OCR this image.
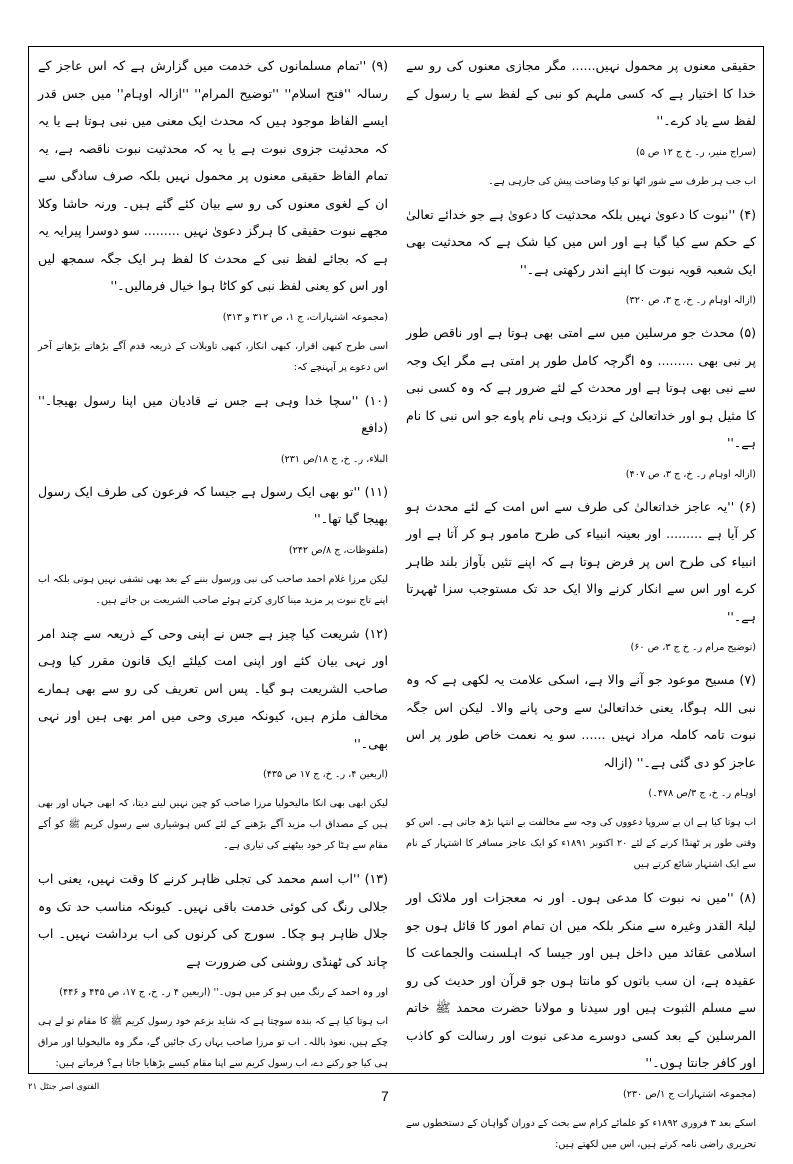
حقیقی معنوں پر محمول نہیں...... مگر مجازی معنوں کی رو سے خدا کا اختیار ہے کہ کسی ملہم کو نبی کے لفظ سے یا رسول کے لفظ سے یاد کرے۔''

(سراج منیر، ر۔ خ ج ۱۲ ص ۵)

اب جب ہر طرف سے شور اٹھا تو کیا وضاحت پیش کی جارہی ہے۔

(۴) ''نبوت کا دعویٰ نہیں بلکہ محدثیت کا دعویٰ ہے جو خدائے تعالیٰ کے حکم سے کیا گیا ہے اور اس میں کیا شک ہے کہ محدثیت بھی ایک شعبہ قویہ نبوت کا اپنے اندر رکھتی ہے۔''

(ازالہ اوہام ر۔ خ، ج ۳، ص ۳۲۰)

(۵) محدث جو مرسلین میں سے امتی بھی ہوتا ہے اور ناقص طور پر نبی بھی ......... وہ اگرچہ کامل طور پر امتی ہے مگر ایک وجہ سے نبی بھی ہوتا ہے اور محدث کے لئے ضرور ہے کہ وہ کسی نبی کا مثیل ہو اور خداتعالیٰ کے نزدیک وہی نام پاوے جو اس نبی کا نام ہے۔''

(ازالہ اوہام ر۔ خ، ج ۳، ص ۴۰۷)

(۶) ''یہ عاجز خداتعالیٰ کی طرف سے اس امت کے لئے محدث ہو کر آیا ہے ......... اور بعینہ انبیاء کی طرح مامور ہو کر آتا ہے اور انبیاء کی طرح اس پر فرض ہوتا ہے کہ اپنے تئیں بآواز بلند ظاہر کرے اور اس سے انکار کرنے والا ایک حد تک مستوجب سزا ٹھہرتا ہے۔''

(توضیح مرام ر۔ خ ج ۳، ص ۶۰)

(۷) مسیح موعود جو آنے والا ہے، اسکی علامت یہ لکھی ہے کہ وہ نبی اللہ ہوگا، یعنی خداتعالیٰ سے وحی پانے والا۔ لیکن اس جگہ نبوت تامہ کاملہ مراد نہیں ...... سو یہ نعمت خاص طور پر اس عاجز کو دی گئی ہے۔'' (ازالہ

اوہام ر۔ خ، ج ۳/ص ۴۷۸۔)

اب ہوتا کیا ہے ان بے سروپا دعووں کی وجہ سے مخالفت بے انتہا بڑھ جاتی ہے۔ اس کو وقتی طور پر ٹھنڈا کرنے کے لئے ۲۰ اکتوبر ۱۸۹۱ء کو ایک عاجز مسافر کا اشتہار کے نام سے ایک اشتہار شائع کرتے ہیں

(۸) ''میں نہ نبوت کا مدعی ہوں۔ اور نہ معجزات اور ملائک اور لیلۃ القدر وغیرہ سے منکر بلکہ میں ان تمام امور کا قائل ہوں جو اسلامی عقائد میں داخل ہیں اور جیسا کہ اہلسنت والجماعت کا عقیدہ ہے، ان سب باتوں کو مانتا ہوں جو قرآن اور حدیث کی رو سے مسلم الثبوت ہیں اور سیدنا و مولانا حضرت محمد ﷺ خاتم المرسلین کے بعد کسی دوسرے مدعی نبوت اور رسالت کو کاذب اور کافر جانتا ہوں۔''

(مجموعہ اشتہارات ج ۱/ص ۲۳۰)

اسکے بعد ۳ فروری ۱۸۹۲ء کو علمائے کرام سے بحث کے دوران گواہان کے دستخطوں سے تحریری راضی نامہ کرتے ہیں، اس میں لکھتے ہیں:

(۹) ''تمام مسلمانوں کی خدمت میں گزارش ہے کہ اس عاجز کے رسالہ ''فتح اسلام'' ''توضیح المرام'' ''ازالہ اوہام'' میں جس قدر ایسے الفاظ موجود ہیں کہ محدث ایک معنی میں نبی ہوتا ہے یا یہ کہ محدثیت جزوی نبوت ہے یا یہ کہ محدثیت نبوت ناقصہ ہے، یہ تمام الفاظ حقیقی معنوں پر محمول نہیں بلکہ صرف سادگی سے ان کے لغوی معنوں کی رو سے بیان کئے گئے ہیں۔ ورنہ حاشا وکلا مجھے نبوت حقیقی کا ہرگز دعویٰ نہیں ......... سو دوسرا پیرایہ یہ ہے کہ بجائے لفظ نبی کے محدث کا لفظ ہر ایک جگہ سمجھ لیں اور اس کو یعنی لفظ نبی کو کاٹا ہوا خیال فرمالیں۔''

(مجموعہ اشتہارات، ج ۱، ص ۳۱۲ و ۳۱۳)

اسی طرح کبھی اقرار، کبھی انکار، کبھی تاویلات کے ذریعہ قدم آگے بڑھاتے بڑھاتے آخر اس دعوے پر آپہنچے کہ:

(۱۰) ''سچا خدا وہی ہے جس نے قادیان میں اپنا رسول بھیجا۔'' (دافع

البلاء، ر۔ خ، ج ۱۸/ص ۲۳۱)

(۱۱) ''تو بھی ایک رسول ہے جیسا کہ فرعون کی طرف ایک رسول بھیجا گیا تھا۔''

(ملفوظات، ج ۸/ص ۲۴۲)

لیکن مرزا غلام احمد صاحب کی نبی ورسول بننے کے بعد بھی تشفی نہیں ہوتی بلکہ اب اپنے تاج نبوت پر مزید مینا کاری کرتے ہوئے صاحب الشریعت بن جاتے ہیں۔

(۱۲) شریعت کیا چیز ہے جس نے اپنی وحی کے ذریعہ سے چند امر اور نہی بیان کئے اور اپنی امت کیلئے ایک قانون مقرر کیا وہی صاحب الشریعت ہو گیا۔ پس اس تعریف کی رو سے بھی ہمارے مخالف ملزم ہیں، کیونکہ میری وحی میں امر بھی ہیں اور نہی بھی۔''

(اربعین ۴، ر۔ خ، ج ۱۷ ص ۴۳۵)

لیکن ابھی بھی انکا مالیخولیا مرزا صاحب کو چین نہیں لینے دیتا، کہ ابھی جہاں اور بھی ہیں کے مصداق اب مزید آگے بڑھنے کے لئے کس ہوشیاری سے رسول کریم ﷺ کو اُکے مقام سے ہٹا کر خود بیٹھنے کی تیاری ہے۔

(۱۳) ''اب اسم محمد کی تجلی ظاہر کرنے کا وقت نہیں، یعنی اب جلالی رنگ کی کوئی خدمت باقی نہیں۔ کیونکہ مناسب حد تک وہ جلال ظاہر ہو چکا۔ سورج کی کرنوں کی اب برداشت نہیں۔ اب چاند کی ٹھنڈی روشنی کی ضرورت ہے

اور وہ احمد کے رنگ میں ہو کر میں ہوں۔'' (اربعین ۴ ر۔ خ، ج ۱۷، ص ۴۴۵ و ۴۴۶)

اب ہوتا کیا ہے کہ بندہ سوچتا ہے کہ شاید بزعم خود رسول کریم ﷺ کا مقام تو لے ہی چکے ہیں، نعوذ باللہ۔ اب تو مرزا صاحب یہاں رک جائیں گے، مگر وہ مالیخولیا اور مراق ہی کیا جو رکنے دے، اب رسول کریم سے اپنا مقام کیسے بڑھایا جاتا ہے؟ فرماتے ہیں:

الفتوی اصر جنٹل ۲۱
7
